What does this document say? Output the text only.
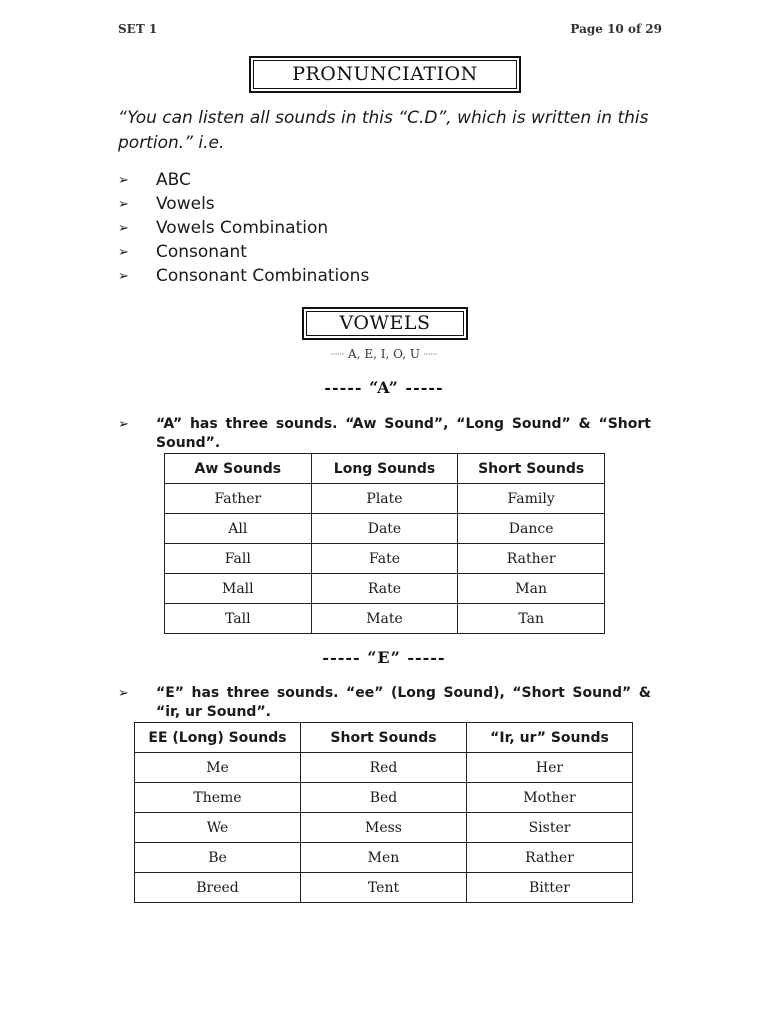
SET 1	Page 10 of 29
PRONUNCIATION
“You can listen all sounds in this “C.D”, which is written in this portion.” i.e.
➢	ABC
➢	Vowels
➢	Vowels Combination
➢	Consonant
➢	Consonant Combinations
VOWELS
······ A, E, I, O, U ······
----- “A” -----
➢ “A” has three sounds. “Aw Sound”, “Long Sound” & “Short Sound”.
Aw Sounds	Long Sounds	Short Sounds
Father	Plate	Family
All	Date	Dance
Fall	Fate	Rather
Mall	Rate	Man
Tall	Mate	Tan
----- “E” -----
➢ “E” has three sounds. “ee” (Long Sound), “Short Sound” & “ir, ur Sound”.
EE (Long) Sounds	Short Sounds	“Ir, ur” Sounds
Me	Red	Her
Theme	Bed	Mother
We	Mess	Sister
Be	Men	Rather
Breed	Tent	Bitter
